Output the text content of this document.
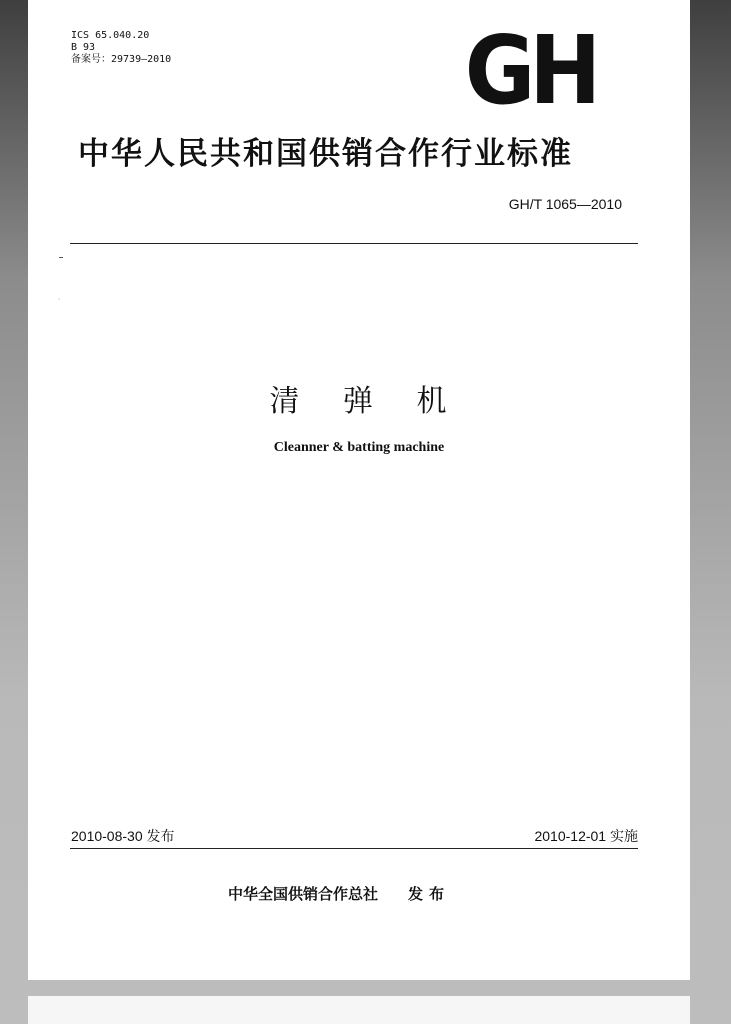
ICS 65.040.20
B 93
备案号：29739—2010	GH
中华人民共和国供销合作行业标准
GH/T 1065—2010
·
清 弹 机
Cleanner & batting machine
2010-08-30 发布	2010-12-01 实施
中华全国供销合作总社 发布
